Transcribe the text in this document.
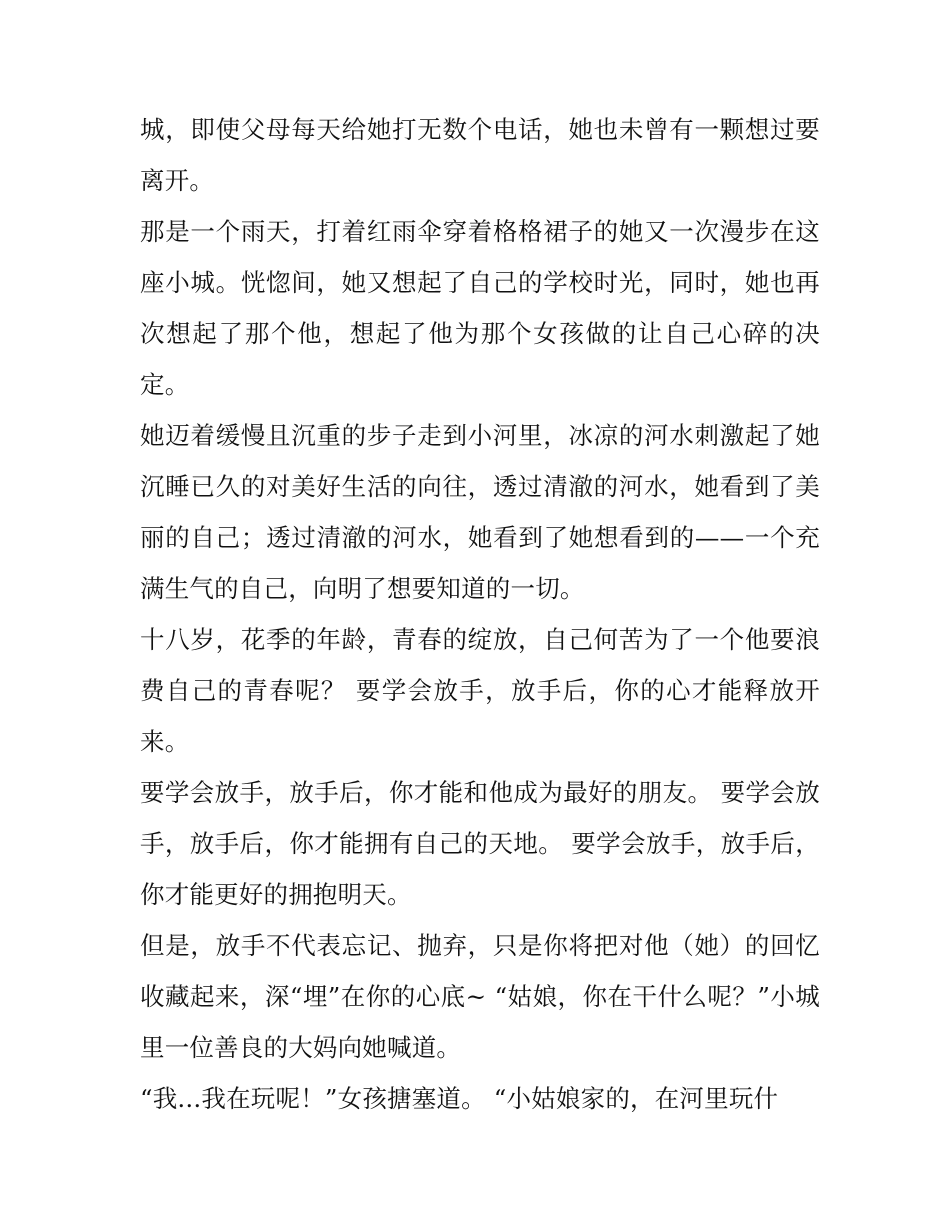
城，即使父母每天给她打无数个电话，她也未曾有一颗想过要离开。

那是一个雨天，打着红雨伞穿着格格裙子的她又一次漫步在这座小城。恍惚间，她又想起了自己的学校时光，同时，她也再次想起了那个他，想起了他为那个女孩做的让自己心碎的决定。

她迈着缓慢且沉重的步子走到小河里，冰凉的河水刺激起了她沉睡已久的对美好生活的向往，透过清澈的河水，她看到了美丽的自己；透过清澈的河水，她看到了她想看到的——一个充满生气的自己，向明了想要知道的一切。

十八岁，花季的年龄，青春的绽放，自己何苦为了一个他要浪费自己的青春呢？ 要学会放手，放手后，你的心才能释放开来。

要学会放手，放手后，你才能和他成为最好的朋友。 要学会放手，放手后，你才能拥有自己的天地。 要学会放手，放手后，你才能更好的拥抱明天。

但是，放手不代表忘记、抛弃，只是你将把对他（她）的回忆收藏起来，深“埋”在你的心底~ “姑娘，你在干什么呢？”小城里一位善良的大妈向她喊道。

“我...我在玩呢！”女孩搪塞道。 “小姑娘家的，在河里玩什
